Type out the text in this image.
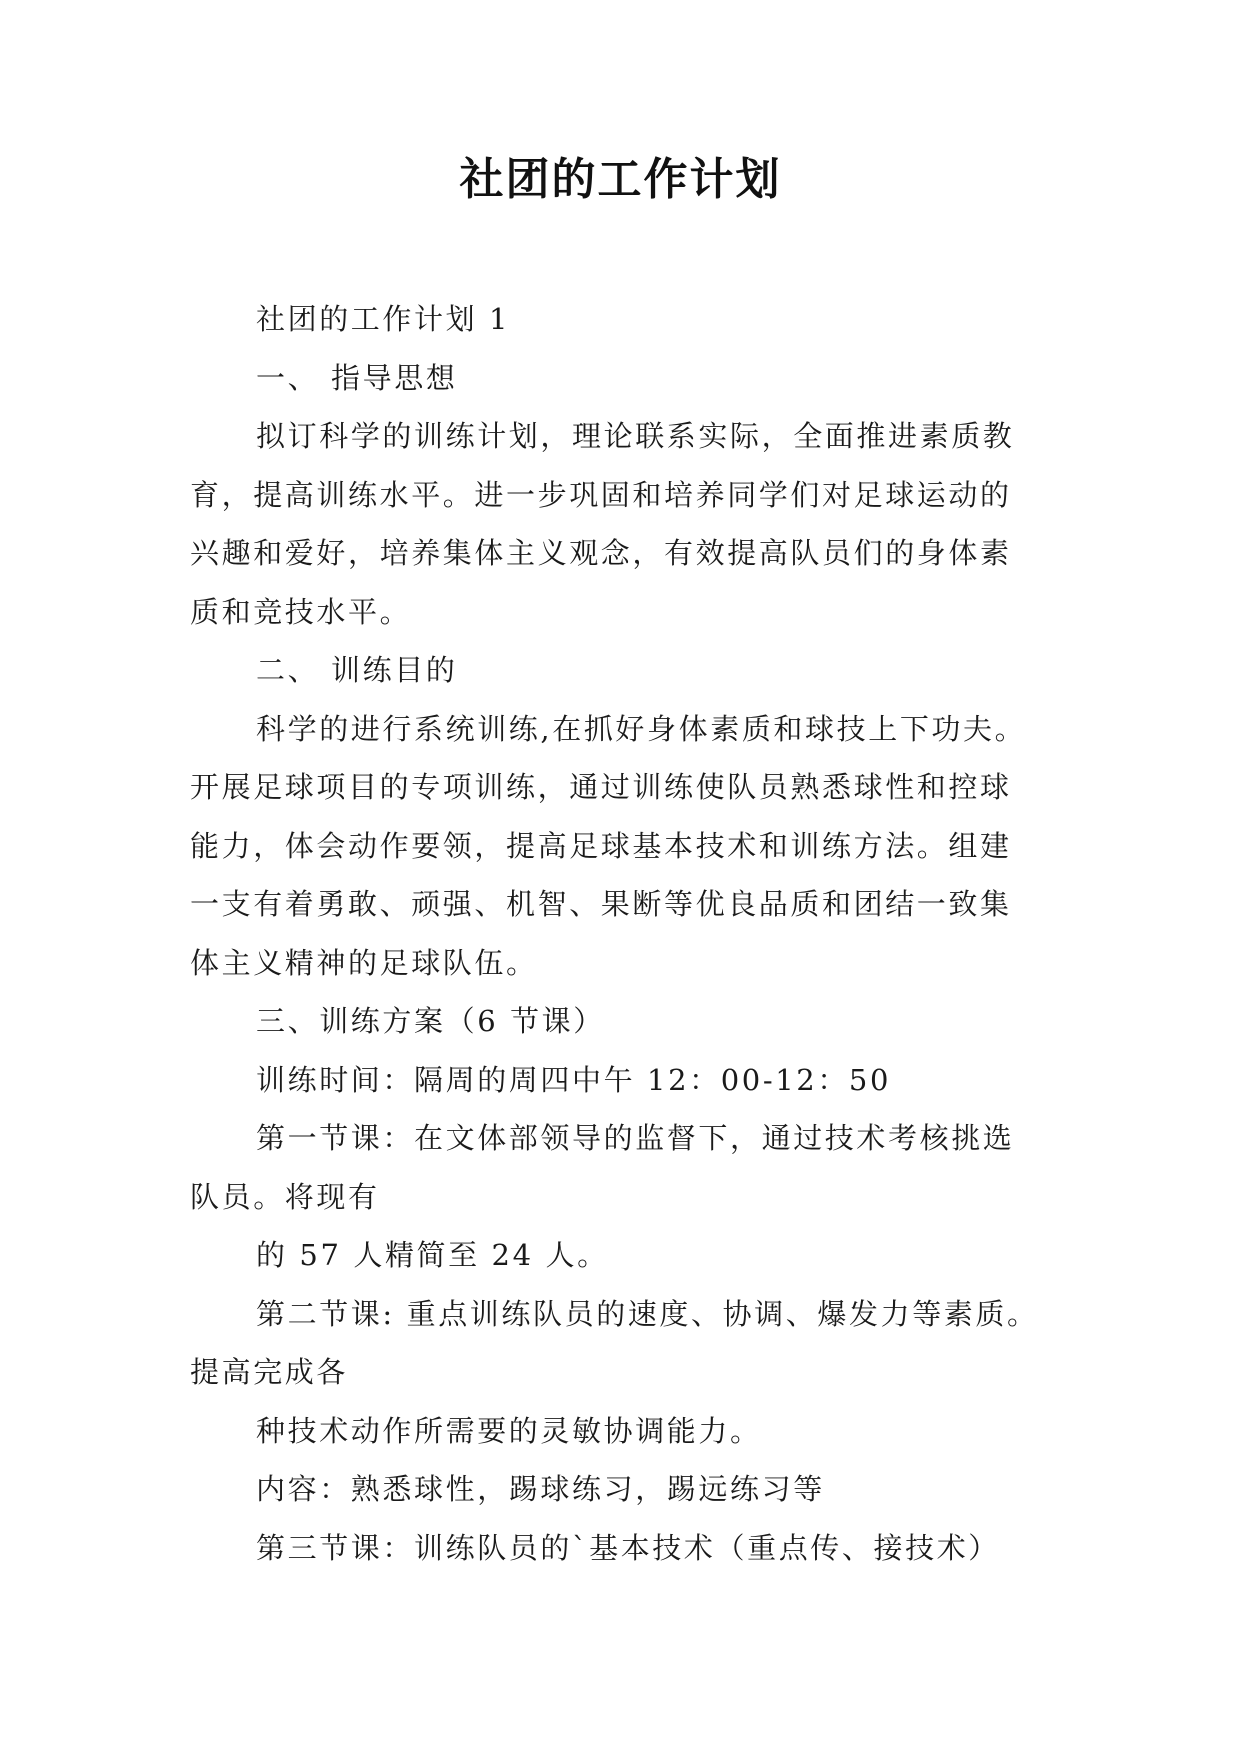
社团的工作计划
社团的工作计划 1
一、 指导思想
拟订科学的训练计划，理论联系实际，全面推进素质教
育，提高训练水平。进一步巩固和培养同学们对足球运动的
兴趣和爱好，培养集体主义观念，有效提高队员们的身体素
质和竞技水平。
二、 训练目的
科学的进行系统训练,在抓好身体素质和球技上下功夫。
开展足球项目的专项训练，通过训练使队员熟悉球性和控球
能力，体会动作要领，提高足球基本技术和训练方法。组建
一支有着勇敢、顽强、机智、果断等优良品质和团结一致集
体主义精神的足球队伍。
三、训练方案（6 节课）
训练时间：隔周的周四中午 12：00-12：50
第一节课：在文体部领导的监督下，通过技术考核挑选
队员。将现有
的 57 人精简至 24 人。
第二节课: 重点训练队员的速度、协调、爆发力等素质。
提高完成各
种技术动作所需要的灵敏协调能力。
内容：熟悉球性，踢球练习，踢远练习等
第三节课：训练队员的`基本技术（重点传、接技术）
